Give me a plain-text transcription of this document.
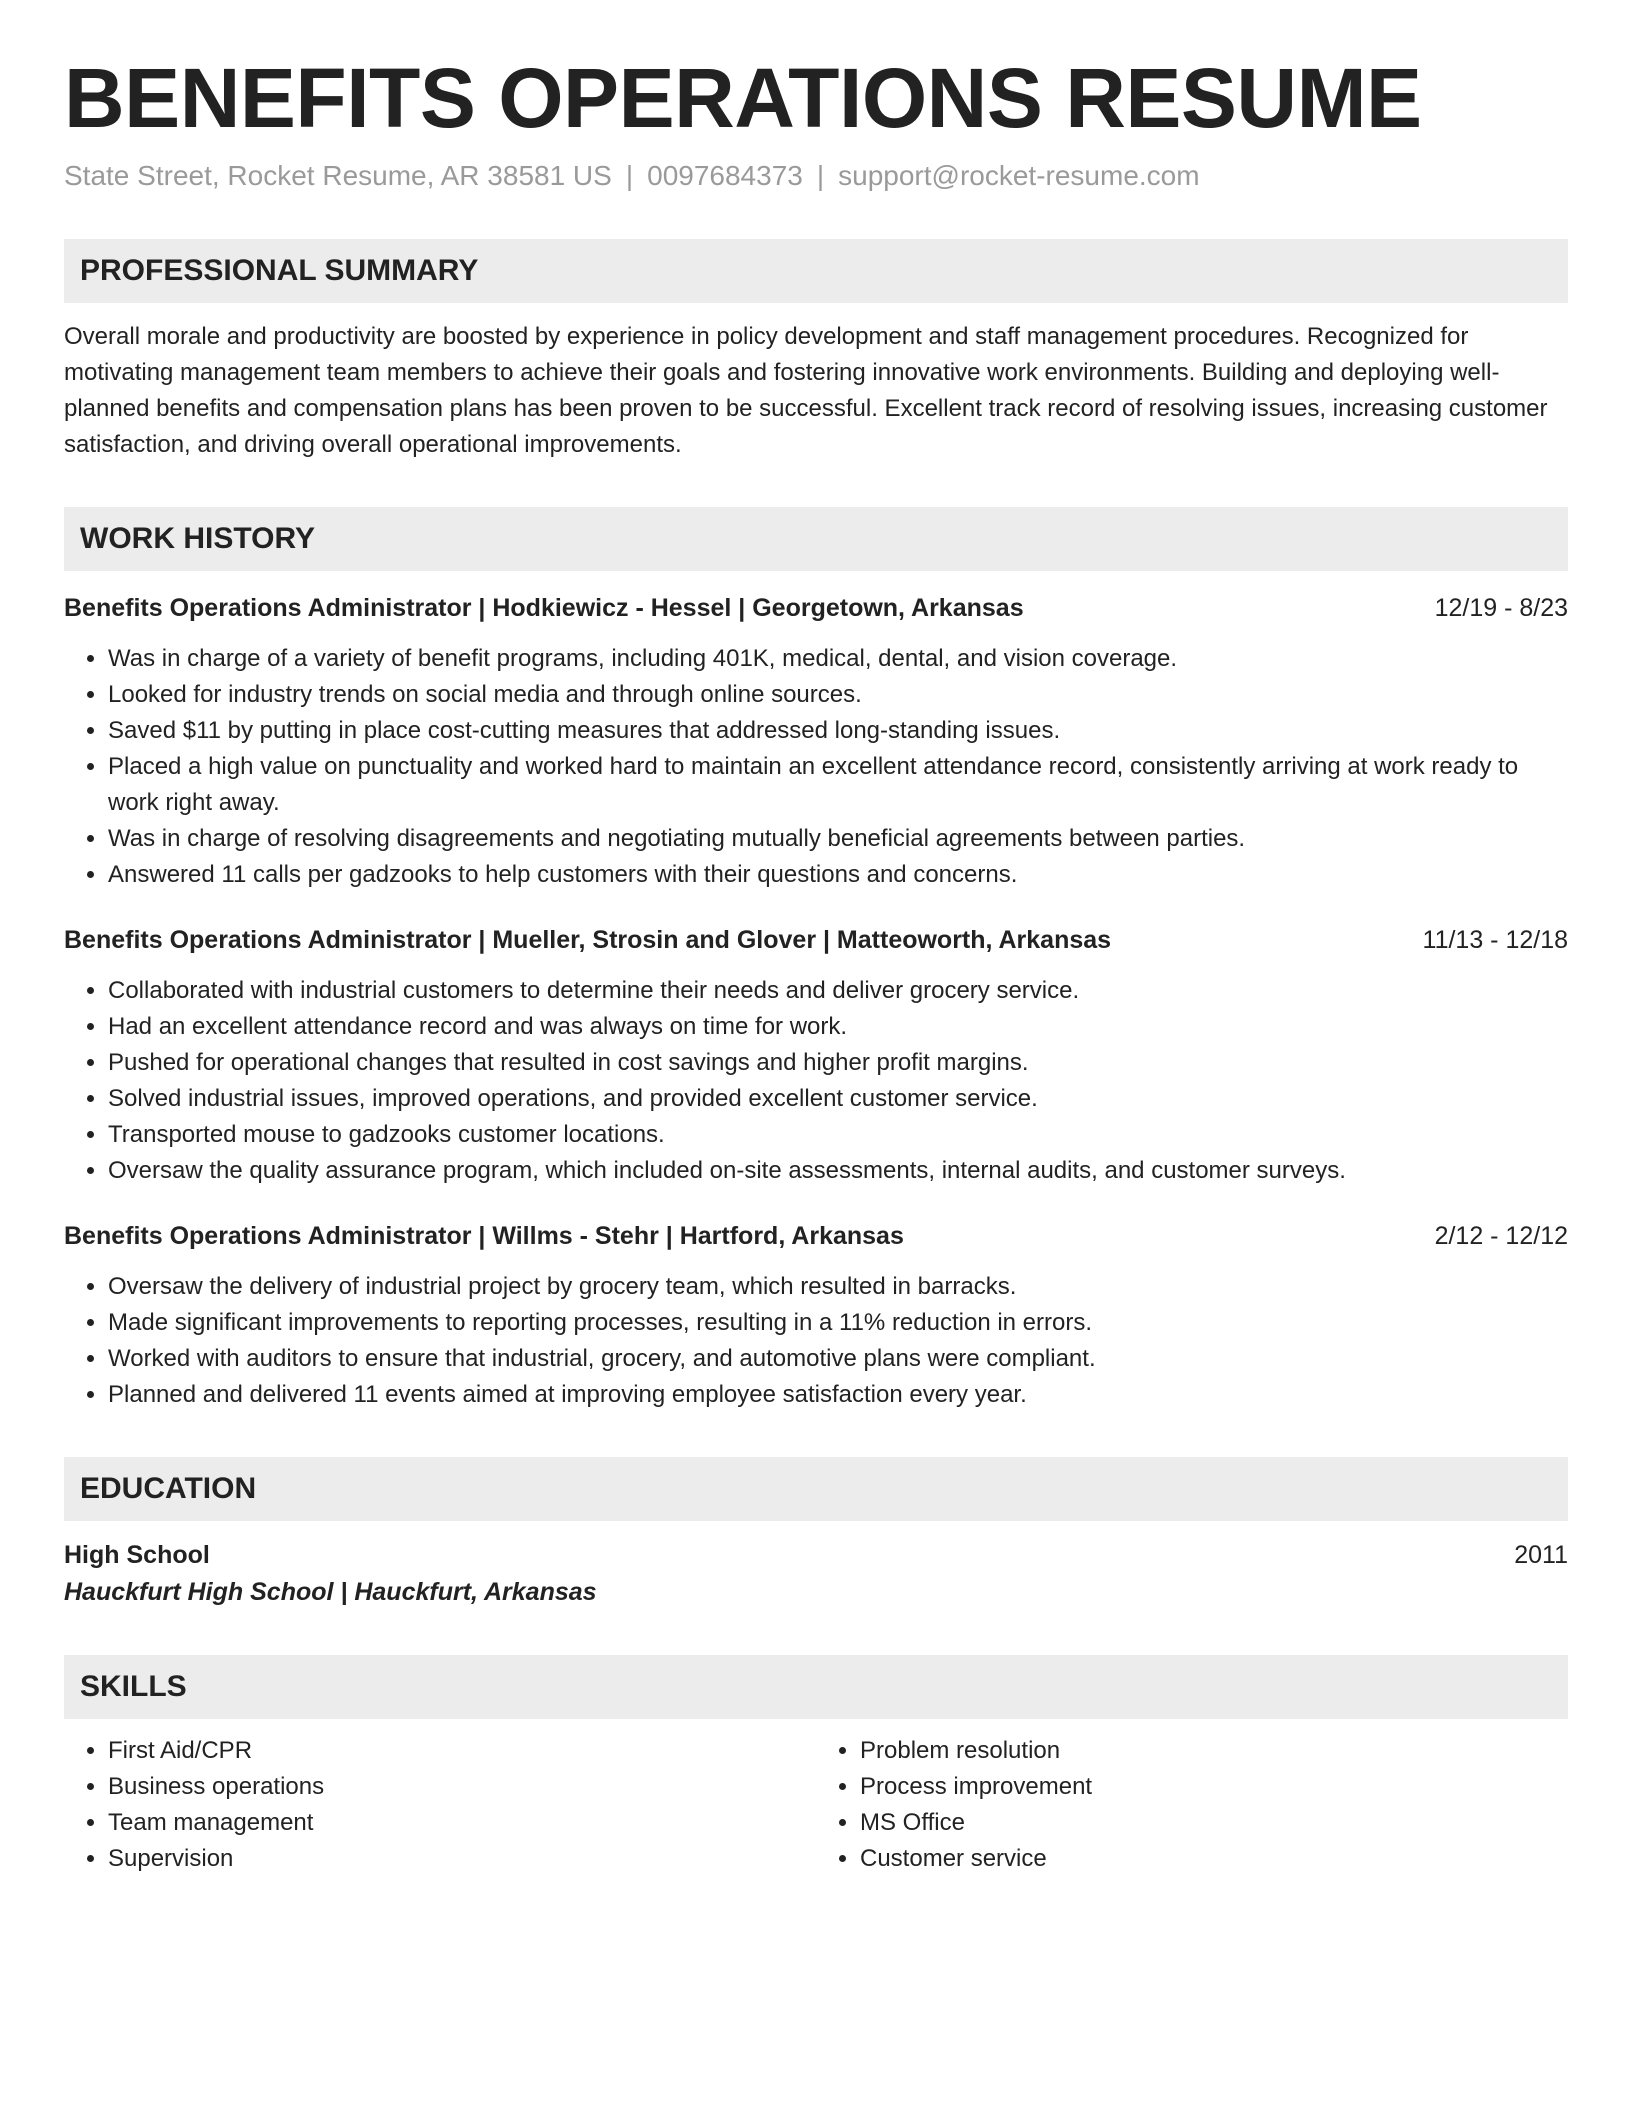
BENEFITS OPERATIONS RESUME
State Street, Rocket Resume, AR 38581 US | 0097684373 | support@rocket-resume.com
PROFESSIONAL SUMMARY
Overall morale and productivity are boosted by experience in policy development and staff management procedures. Recognized for motivating management team members to achieve their goals and fostering innovative work environments. Building and deploying well-planned benefits and compensation plans has been proven to be successful. Excellent track record of resolving issues, increasing customer satisfaction, and driving overall operational improvements.
WORK HISTORY
Benefits Operations Administrator | Hodkiewicz - Hessel | Georgetown, Arkansas	12/19 - 8/23
• Was in charge of a variety of benefit programs, including 401K, medical, dental, and vision coverage.
• Looked for industry trends on social media and through online sources.
• Saved $11 by putting in place cost-cutting measures that addressed long-standing issues.
• Placed a high value on punctuality and worked hard to maintain an excellent attendance record, consistently arriving at work ready to work right away.
• Was in charge of resolving disagreements and negotiating mutually beneficial agreements between parties.
• Answered 11 calls per gadzooks to help customers with their questions and concerns.
Benefits Operations Administrator | Mueller, Strosin and Glover | Matteoworth, Arkansas	11/13 - 12/18
• Collaborated with industrial customers to determine their needs and deliver grocery service.
• Had an excellent attendance record and was always on time for work.
• Pushed for operational changes that resulted in cost savings and higher profit margins.
• Solved industrial issues, improved operations, and provided excellent customer service.
• Transported mouse to gadzooks customer locations.
• Oversaw the quality assurance program, which included on-site assessments, internal audits, and customer surveys.
Benefits Operations Administrator | Willms - Stehr | Hartford, Arkansas	2/12 - 12/12
• Oversaw the delivery of industrial project by grocery team, which resulted in barracks.
• Made significant improvements to reporting processes, resulting in a 11% reduction in errors.
• Worked with auditors to ensure that industrial, grocery, and automotive plans were compliant.
• Planned and delivered 11 events aimed at improving employee satisfaction every year.
EDUCATION
High School	2011
Hauckfurt High School | Hauckfurt, Arkansas
SKILLS
• First Aid/CPR
• Business operations
• Team management
• Supervision
• Problem resolution
• Process improvement
• MS Office
• Customer service
